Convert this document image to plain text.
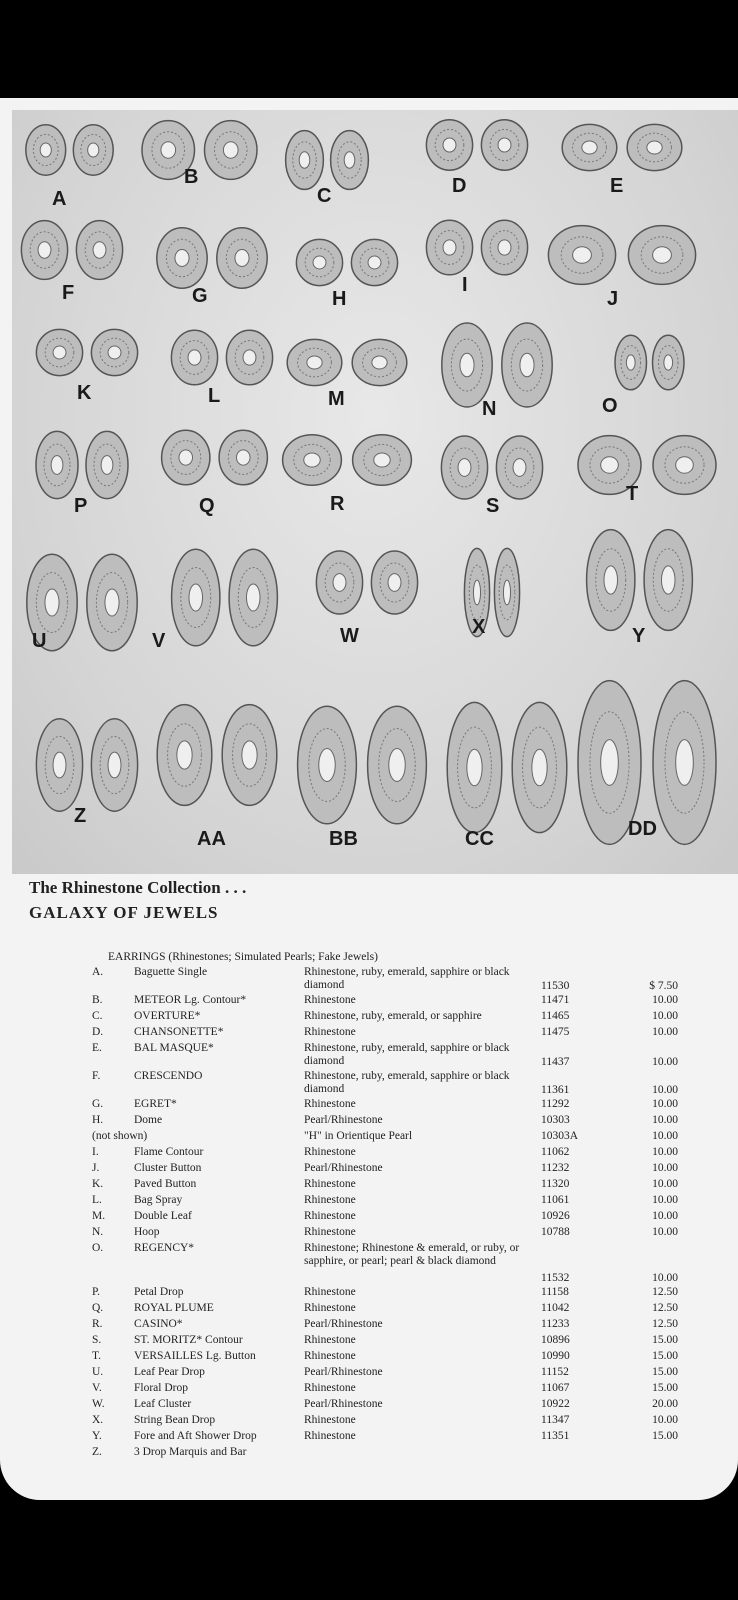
A
B
C	D	E
F	G	H
I
J
K	L	M	N	O
P	Q	R	S
T
U	V	W	X	Y
Z
AA	BB	CC	DD
The Rhinestone Collection . . .
GALAXY OF JEWELS
EARRINGS (Rhinestones; Simulated Pearls; Fake Jewels)
A.	Baguette Single	Rhinestone, ruby, emerald, sapphire or black diamond	11530	$ 7.50
B.	METEOR Lg. Contour*	Rhinestone	11471	10.00
C.	OVERTURE*	Rhinestone, ruby, emerald, or sapphire	11465	10.00
D.	CHANSONETTE*	Rhinestone	11475	10.00
E.	BAL MASQUE*	Rhinestone, ruby, emerald, sapphire or black diamond	11437	10.00
F.	CRESCENDO	Rhinestone, ruby, emerald, sapphire or black diamond	11361	10.00
G.	EGRET*	Rhinestone	11292	10.00
H.	Dome	Pearl/Rhinestone	10303	10.00
(not shown)	"H" in Orientique Pearl	10303A	10.00
I.	Flame Contour	Rhinestone	11062	10.00
J.	Cluster Button	Pearl/Rhinestone	11232	10.00
K.	Paved Button	Rhinestone	11320	10.00
L.	Bag Spray	Rhinestone	11061	10.00
M.	Double Leaf	Rhinestone	10926	10.00
N.	Hoop	Rhinestone	10788	10.00
O.	REGENCY*	Rhinestone; Rhinestone & emerald, or ruby, or sapphire, or pearl; pearl & black diamond
11532	10.00
P.	Petal Drop	Rhinestone	11158	12.50
Q.	ROYAL PLUME	Rhinestone	11042	12.50
R.	CASINO*	Pearl/Rhinestone	11233	12.50
S.	ST. MORITZ* Contour	Rhinestone	10896	15.00
T.	VERSAILLES Lg. Button	Rhinestone	10990	15.00
U.	Leaf Pear Drop	Pearl/Rhinestone	11152	15.00
V.	Floral Drop	Rhinestone	11067	15.00
W.	Leaf Cluster	Pearl/Rhinestone	10922	20.00
X.	String Bean Drop	Rhinestone	11347	10.00
Y.	Fore and Aft Shower Drop	Rhinestone	11351	15.00
Z.	3 Drop Marquis and Bar
